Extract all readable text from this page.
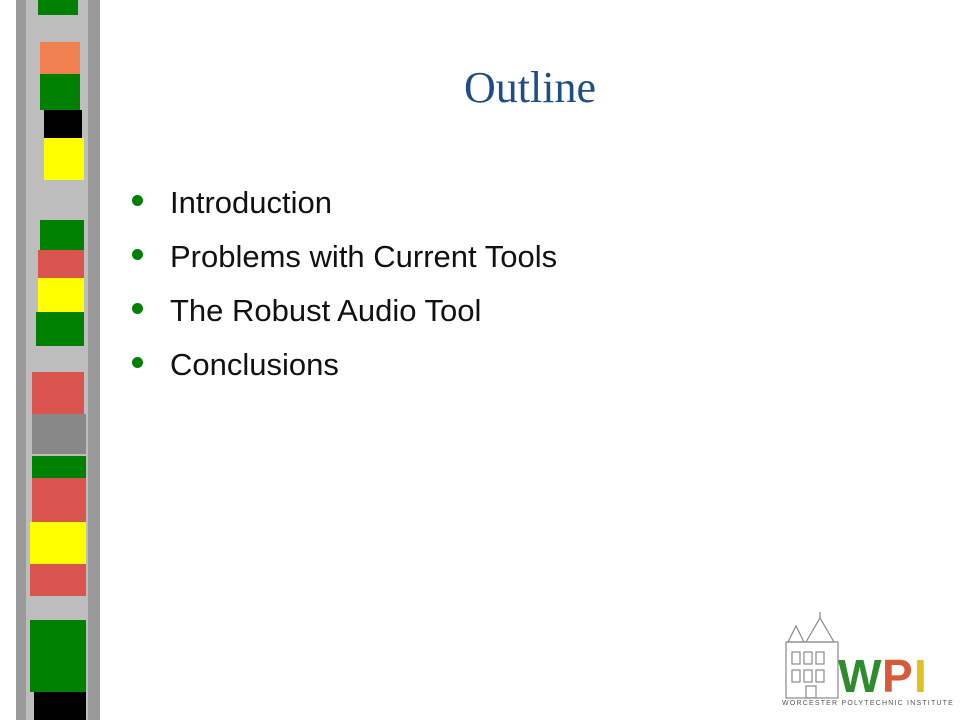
Outline
Introduction
Problems with Current Tools
The Robust Audio Tool
Conclusions
W P I
WORCESTER POLYTECHNIC INSTITUTE
